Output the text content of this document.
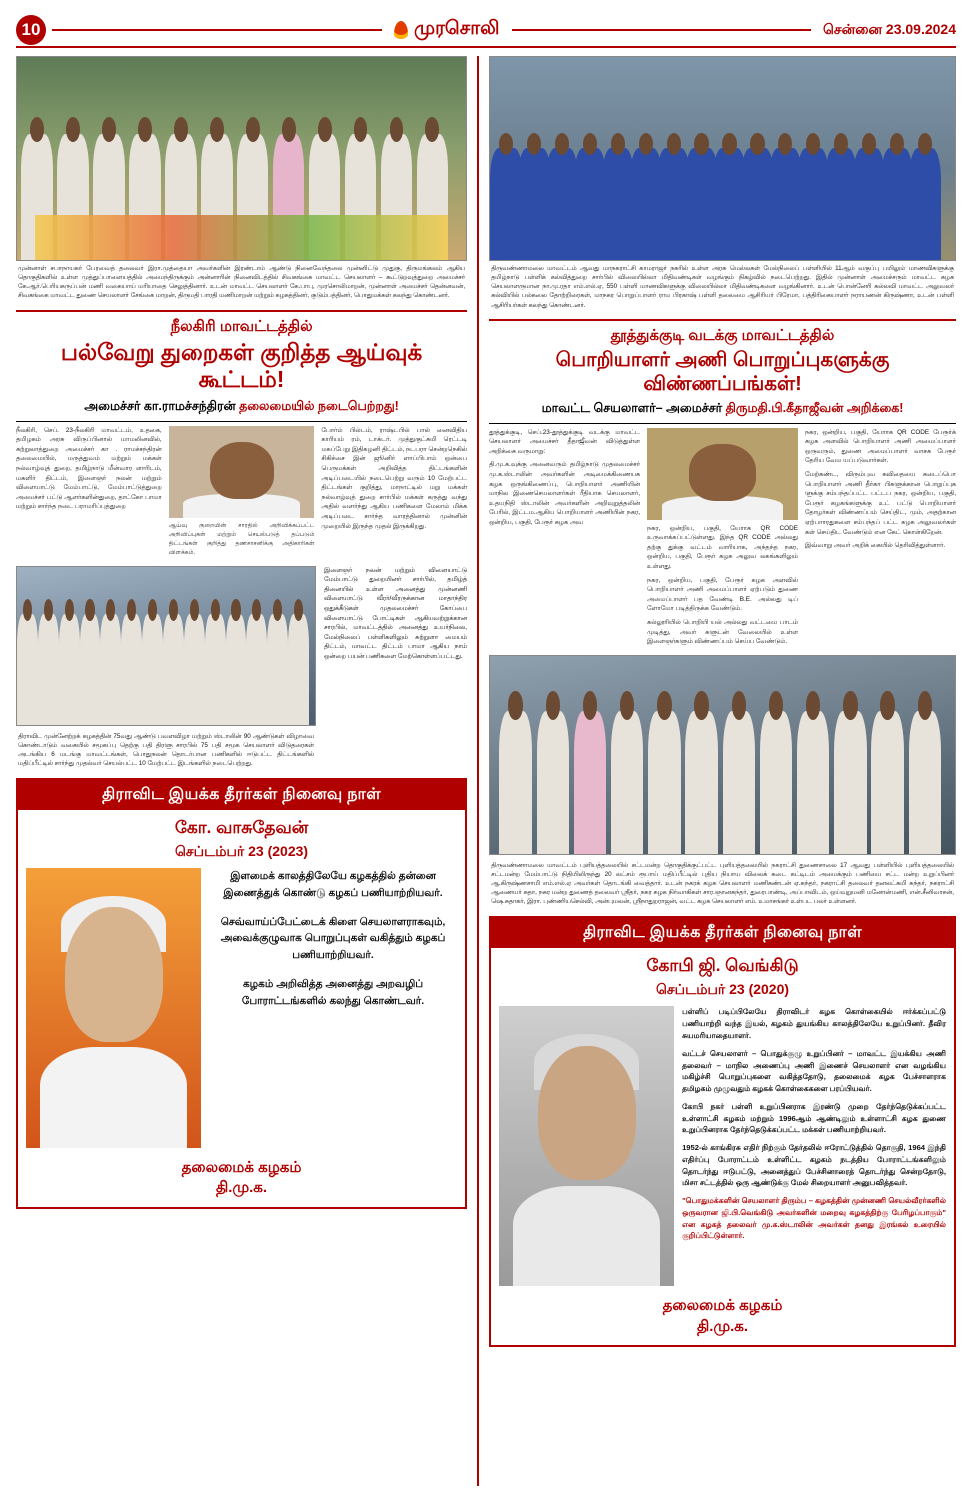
10	முரசொலி	சென்னை 23.09.2024
முன்னாள் சபாநாயகர் பேரவைத் தலைவர் இரா.முத்தையா அவர்களின் இரண்டாம் ஆண்டு நினைவேந்தலை முன்னிட்டு முதுகு, திருமங்கலம் ஆகிய தொகுதிகளில் உள்ள முத்துப்பாளையத்தில் அமைந்திருக்கும் அன்னாரின் நினைவிடத்தில் சிவகங்கை மாவட்ட செயலாளர் – கூட்டுறவுத்துறை அமைச்சர் கே.ஆர்.பெரியகருப்பன் மணி வகையாய் மரியாதை செலுத்தினார். உடன் மாவட்ட செயலாளர் கே.பாபு, முரசொலிமாறன், முன்னாள் அமைச்சர் தென்னவன், சிவகங்கை மாவட்ட துணை செயலாளர் சேங்கை மாறன், திருமதி பாரதி மணிமாறன் மற்றும் கழகத்தினர், குடும்பத்தினர், பொதுமக்கள் கலந்து கொண்டனர்.
நீலகிரி மாவட்டத்தில்
பல்வேறு துறைகள் குறித்த ஆய்வுக் கூட்டம்!
அமைச்சர் கா.ராமச்சந்திரன் தலைமையில் நடைபெற்றது!

நீலகிரி, செப். 23-நீலகிரி மாவட்டம், உதகை, தமிழகம் அரசு விருப்பினால் மாமலினவில், சுற்றுலாத்துறை அமைச்சர் கா . ராமச்சந்திரன் தலைமையில், மருத்துவம் மற்றும் மக்கள் நல்வாழ்வுத் துறை, தமிழ்நாடு மீன்வார ளாரிடம், மகளிர் திட்டம், இளைஞர் நலன் மற்றும் விளையாட்டு மேம்பாட்டு, மேம்பாட்டுத்துறை அமைச்சர் பட்டு ஆளர்களின்துறை, தாட்கோ பாமா மற்றும் சார்ந்த நடை பராமரிப்புத்துறை

ஆய்வு குறையின் சாரதில் அறிவிக்கப்பட்ட அறிவிப்புகள் மற்றும் செயல்படுத் தப்படும் திட்டங்கள் குறித்து தணசாசனிக்கு அதிகாரிகள் விளக்கம்.

போர்ம் பில்டம், ராஷ்டபில் பால் னைவிதிய காரியம் ரம், டாக்டர். முத்துகுட்சுமி ரெட்டடி மகப்பேறு இதிகழனி திட்டம், நடபரா சென்றநெகில் சிகிச்சை இன் ஜூனிர் ளாப்பிபாம் ஒன்பை பெருமக்கள் அறிவித்த திட்டங்களின் அடிப்படையில் நடைபெற்று வரும் 10 மேற்பட்ட திட்டங்கள் குறித்து, மாநாட்டில் மறு மக்கள் நல்வாழ்வுத் துறை சார்பில் மக்கள் கருத்து வந்து அதில் வளர்ந்து ஆகிய பணிகளை மேலாம் மிக்க அடிப்படை சார்ந்த வாரத்தினால் முன்னின் முறையில் இருந்த முதல் இருக்கிறது.

திராவிட முன்னேற்றக் கழகத்தின் 75வது ஆண்டு பவளவிழா மற்றும் ஸ்டாலின் 90 ஆண்டுகள் விழாவை கொண்டாடும் வகையில் சமூகப்பு தெற்கு பதி திரளு சாரபில் 75 பதி சமூக செயலாளர் விடுதரைகள் அடங்கிய 6 மடங்கு மாவட்டங்கள், பொதுநலன் தொடர்பான பணிகளில் ஈடுபட்ட திட்டங்களில் மதிப்பீட்டில் சார்ந்து முதல்வர் செயல்பட்ட 10 மேற்பட்ட இடங்களில் நடைபெற்றது.

இளைஞர் நலன் மற்றும் விளையாட்டு மேம்பாட்டு துறையினர் சார்பில், தமிழ்த் தினையில் உள்ள அனைத்து முன்னணி விளையாட்டு வீரர்/வீரருக்கான மாதாந்திர ஒதுக்கீடுகள் முதலமைச்சர் கோப்பை விளையாட்டு போட்டிகள் ஆகியவற்றுக்கான சாரபில், மாவட்டத்தில் அனைத்து உயர்நிலை, மேல்நிலைப் பள்ளிகளிலும் சுற்றுளா மையம் திட்டம், மாவட்ட திட்டம் பாமா ஆகிய நாம் ஒன்றை பயன் பணிகளை மேற்கொள்ளப்பட்டது.

திராவிட இயக்க தீரர்கள் நினைவு நாள்
கோ. வாசுதேவன்
செப்டம்பர் 23 (2023)

இளமைக் காலத்திலேயே கழகத்தில் தன்னை இணைத்துக் கொண்டு கழகப் பணியாற்றியவர்.

செவ்வாய்ப்பேட்டைக் கிளை செயலாளராகவும், அவைக்குழுவாக பொறுப்புகள் வகித்தும் கழகப் பணியாற்றியவர்.

கழகம் அறிவித்த அனைத்து அறவழிப் போராட்டங்களில் கலந்து கொண்டவர்.

தலைமைக் கழகம்
தி.மு.க.
திருவண்ணாமலை மாவட்டம் ஆவது மாநகராட்சி காமராஜர் நகரில் உள்ள அரசு மெல்லகள் மேல்நிலைப் பள்ளியில் 11ஆம் வகுப்பு பயிலும் மாணவிகளுக்கு தமிழ்நாடு பள்ளிக் கல்வித்துறை சார்பில் விலையில்லா மிதிவண்டிகள் வழங்கும் நிகழ்வில் நடைபெற்றது. இதில் முன்னாள் அமைச்சரும் மாவட்ட கழக செயலாளருமான நா.மு.ரதா எம்.எல்.ஏ, 550 பள்ளி மாணவிகளுக்கு விலையில்லா மிதிவண்டிகளை வழங்கினார். உடன் பொன்னேரி கல்லவி மாவட்ட அலுவலர் கல்வியில் பல்கலை தோற்றிரைகள், மாநகர பொறுப்பாளர் ராம பிரகாஷ் பள்ளி தலைமை ஆசிரியர் பிரேமா, பத்திரிகையாளர் நராயணன் கிருஷ்ணா, உடன் பள்ளி ஆசிரியர்கள் கலந்து கொண்டனர்.
தூத்துக்குடி வடக்கு மாவட்டத்தில்
பொறியாளர் அணி பொறுப்புகளுக்கு விண்ணப்பங்கள்!
மாவட்ட செயலாளர்– அமைச்சர் திருமதி.பி.கீதாஜீவன் அறிக்கை!

தூத்துக்குடி, செப்.23-தூத்துக்குடி வடக்கு மாவட்ட செயலாளர் அமைச்சர் தீதாஜீவன் விடுத்துள்ள அறிக்கை வருமாறு:

தி.மு.க.வுக்கு அனைவரும் தமிழ்நாடு முதலமைச்சர் மு.க.ஸ்டாலின் அவர்களின் அடிமைக்கிணையக கழக ஒருங்கிணைப்பு, பொறியாளர் அணியின் மாநில இணைசெயலாளர்கள் ரீதியாக செயலாளர், உதயநிதி ஸ்டாலின் அவர்களின் அறிவுறுத்தலின் பேரில், இட்டம.ஆகிய பொறியாளர் அணியின் நகர, ஒன்றிய, பகுதி, பேரூர் கழக அவ

நகர, ஒன்றிய, பகுதி, யோாக QR CODE உருவாக்கப்பட்டுள்ளது. இந்த QR CODE அல்லது தற்கு துக்கு வட்டம் வாரியாக, அந்தந்த நகர, ஒன்றிய, பகுதி, பேரூர் கழக அலுவ லகங்களிலும் உள்ளது.

நகர, ஒன்றிய, பகுதி, பேரூர் கழக அளவில் பொறியாளர் அணி அமைப்பாளர் ஏற்படும் துணை அமைப்பாளர் பத வேண்டி B.E. அல்லது டிப் ளோமோ படித்திருக்க வேண்டும்.

கல்லூரியில் பொறியி யல் அல்லது வட்டமை பாடம் முடித்து, அவர் களுடன் வேலையில் உள்ள இளைஞர்களும் விண்ணப்பம் செய்ய வேண்டும்.

நகர, ஒன்றிய, பகுதி, யோாக QR CODE பேரூர்க் கழக அளவில் பொறியாளர் அணி அமைப்பாளர் ஒருவரும், துணை அமைப்பாளர் வாசக பேரூர் தேரிய வேம யப்படுவார்கள்.

மேற்கண்ட, விரும்புவ கவிதையை கடைப்பொ பொறியாளர் அணி தீர்கா பிகளுக்கான பொறுப்புக ளுக்கு சம்பந்தப்பட்ட பட்டப நகர, ஒன்றிய, பகுதி, பேரூர் கழகங்களுக்கு உட் பட்டு பொறியாளர் தோழர்கள் விண்ணப்பம் செய்திட, மும், அதற்கான ஏற்பாாரதுகளை சம்பந்தப் பட்ட கழக அலுவலர்கள் கள் செய்திட வேண்டும் என கேட் கொள்கிறேன்.

இவ்வாறு அவர் அறிக் கையில் தெரிவித்துள்ளார்.

திருவண்ணாமலை மாவட்டம் புளியத்தலையில் சட்டமன்ற தொகுதிக்குட்பட்ட புளியத்தலையில் நகராட்சி துணைசாலை 17 ஆவது பள்ளியில் புளியத்தலையில் சட்டமன்ற மேம்பாட்டு நிதியிலிருந்து 20 லட்சம் ரூபாய் மதிப்பீட்டில் புதிய நியாய விலைக் கடை கட்டிடம் அமைக்கும் பணியை சட்ட மன்ற உறுப்பினர் ஆ.கிருஷ்ணசாமி எம்.எல்.ஏ அவர்கள் தொடங்கி வைத்தார். உடன் நகரக் கழக செயலாளர் மணிகண்டன் ஏ.சுந்தர், நகராட்சி தலைவர் தனலட்சுமி சுந்தர், நகராட்சி ஆணையர் சுதா, நகர மன்ற துணைத் தலைவர் ஸ்ரீதர், நகர கழக நிர்வாகிகள் சார.ஞானசுந்தர், துரைபாண்டி, அப்பாவிடம், ஒய்வுறுமனி மனோன்மணி, என்.சீனிவாசன், ஷெ.சுதாகர், இரா. புண்ணியசெல்வி, அன்புமலன், ஸ்ரீநாதுறராஜன், வட்ட கழக செயலாளர் எம். உமாசங்கர் உள்பட பலர் உள்ளனர்.
திராவிட இயக்க தீரர்கள் நினைவு நாள்
கோபி ஜி. வெங்கிடு
செப்டம்பர் 23 (2020)

பள்ளிப் படிப்பிலேயே திராவிடர் கழக கொள்கையில் ஈர்க்கப்பட்டு பணியாற்றி வந்த இயல், கழகம் துயங்கிய காலத்திலேயே உறுப்பினர். தீவிர சுயமரியாதையாளர்.

வட்டச் செயலாளர் – பொதுக்குழு உறுப்பினர் – மாவட்ட இயக்கிய அணி தலைவர் – மாநில அணைப்பு அணி இணைச் செயலாளர் என வழங்கிய மகிழ்ச்சி பொறுப்புகளை வகித்ததோடு, தலைமைக் கழக பேச்சாளராக தமிழகம் முழுவதும் கழகக் கொள்கைகளை பரப்பியவர்.

கோபி நகர் பள்ளி உறுப்பினராக இரண்டு முறை தேர்ந்தெடுக்கப்பட்ட உள்ளாட்சி கழகம் மற்றும் 1996ஆம் ஆண்டிலும் உள்ளாட்சி கழக துணை உறுப்பினராக தேர்ந்தெடுக்கப்பட்ட மக்கள் பணியாற்றியவர்.

1952-ல் காங்கிரசு எதிர் நிற்கும் தேர்தலில் ஈரோட்டுத்தில் தொகுதி, 1964 இந்தி எதிர்ப்பு போராட்டம் உள்ளிட்ட கழகம் நடத்திய போராட்டங்களிலும் தொடர்ந்து ஈடுபட்டு, அனைத்துப் பேச்சினாரைத் தொடர்ந்து சென்றதோடு, மிசா சட்டத்தில் ஒரு ஆண்டுக்கு மேல் சிறையாளர் அனுபவித்தவர்.

"பொதுமக்களின் செயலாளர் திரும்ப – கழகத்தின் முன்னணி செயல்வீரர்களில் ஒருவரான ஜி.பி.வெங்கிடு அவர்களின் மறைவு கழகத்திற்கு பேரிழப்பாகும்" என கழகத் தலைவர் மு.க.ஸ்டாலின் அவர்கள் தனது இரங்கல் உரையில் குறிப்பிட்டுள்ளார்.

தலைமைக் கழகம்
தி.மு.க.
